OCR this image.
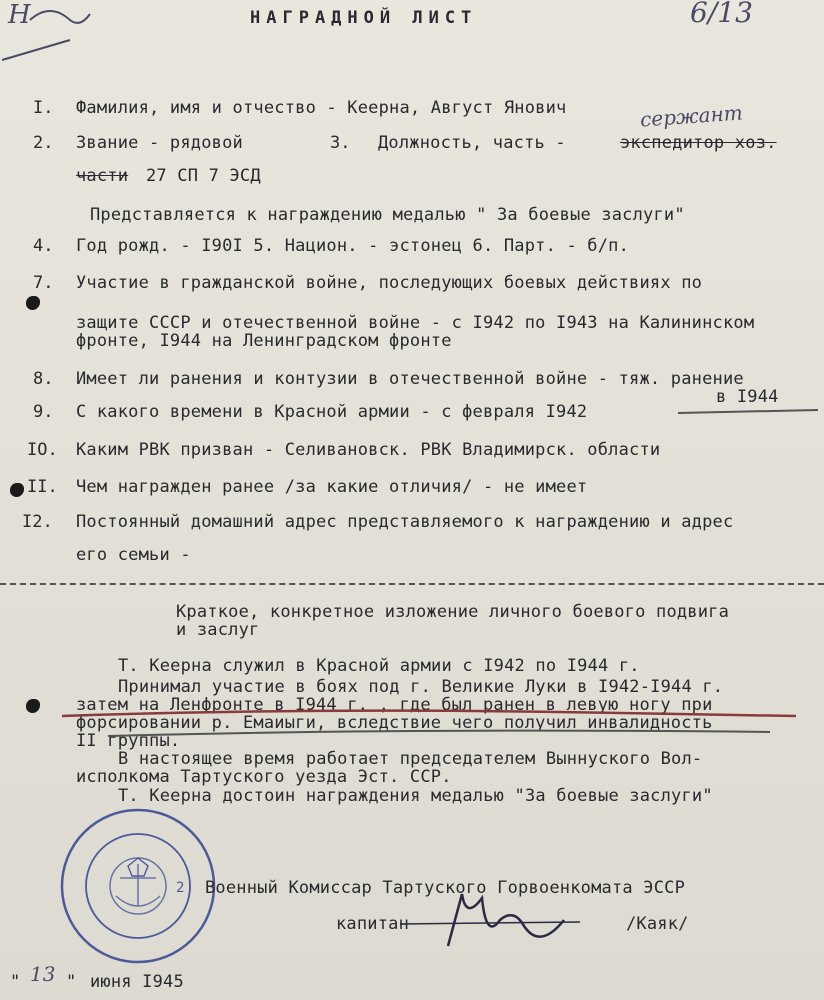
Н	6/13
НАГРАДНОЙ ЛИСТ
I. Фамилия, имя и отчество - Кеерна, Август Янович
2. Звание - рядовой	3. Должность, часть -	экспедитор хоз.
сержант
части 27 СП 7 ЭСД
Представляется к награждению медалью " За боевые заслуги"
4. Год рожд. - I90I 5. Национ. - эстонец 6. Парт. - б/п.
7. Участие в гражданской войне, последующих боевых действиях по
защите СССР и отечественной войне - с I942 по I943 на Калининском
фронте, I944 на Ленинградском фронте
8. Имеет ли ранения и контузии в отечественной войне - тяж. ранение
в I944
9. С какого времени в Красной армии - с февраля I942
IO. Каким РВК призван - Селивановск. РВК Владимирск. области
II. Чем награжден ранее /за какие отличия/ - не имеет
I2. Постоянный домашний адрес представляемого к награждению и адрес
его семьи -
Краткое, конкретное изложение личного боевого подвига
и заслуг
Т. Кеерна служил в Красной армии с I942 по I944 г.
Принимал участие в боях под г. Великие Луки в I942-I944 г.
затем на Ленфронте в I944 г. , где был ранен в левую ногу при
форсировании р. Емаиыги, вследствие чего получил инвалидность
II группы.
В настоящее время работает председателем Выннуского Вол-
исполкома Тартуского уезда Эст. ССР.
Т. Кеерна достоин награждения медалью "За боевые заслуги"
2 Военный Комиссар Тартуского Горвоенкомата ЭССР
капитан	/Каяк/
" 13 " июня I945
